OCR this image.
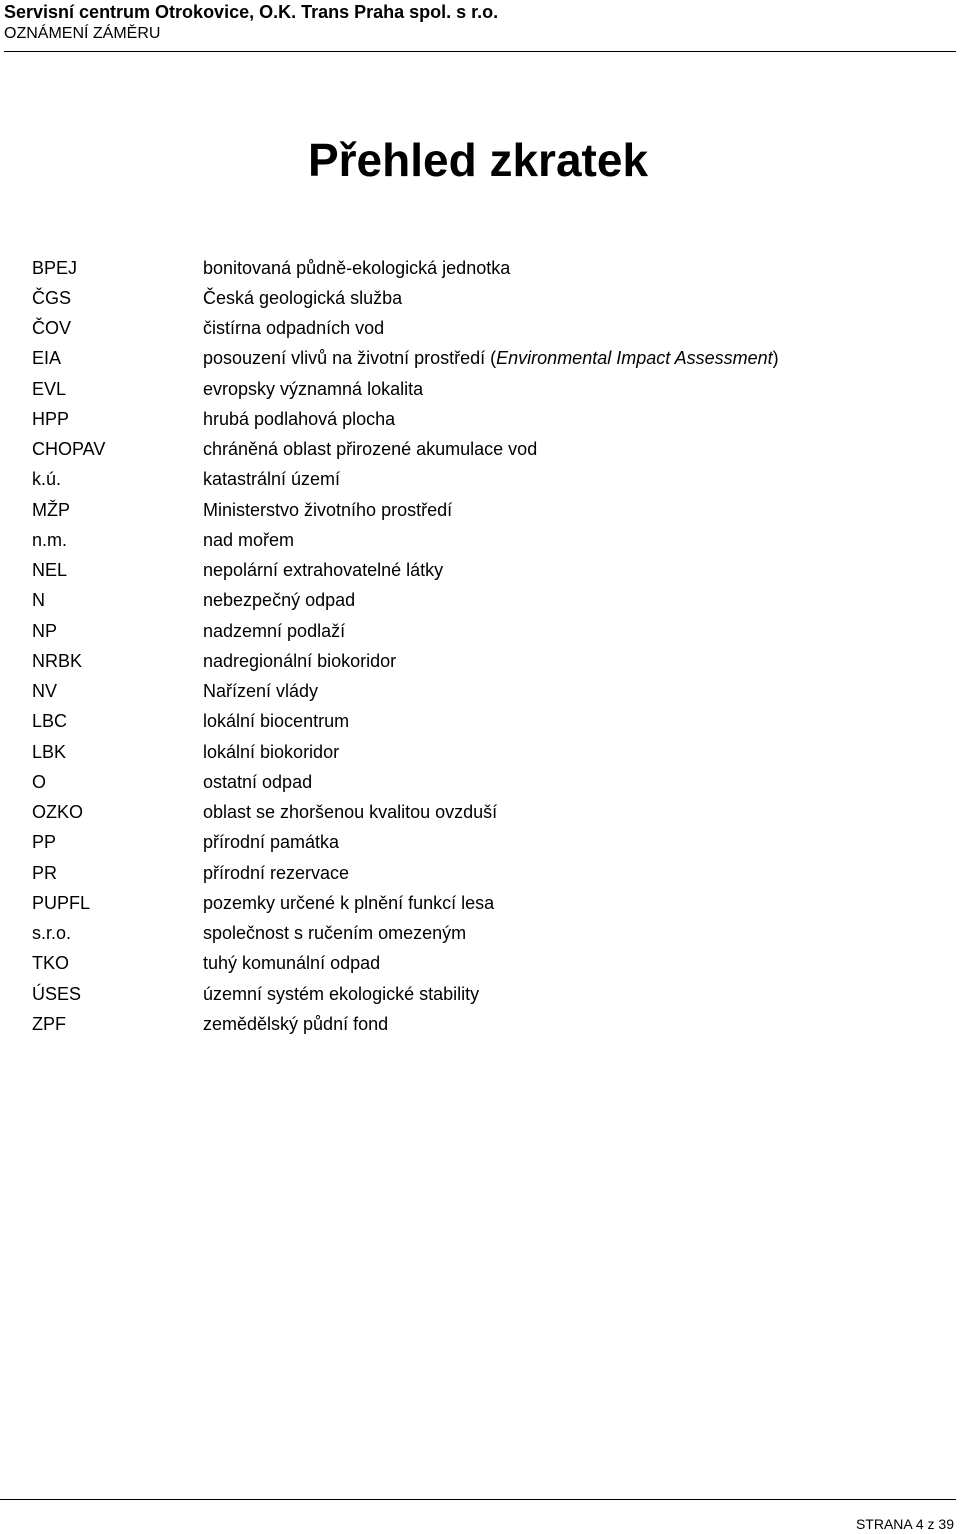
Servisní centrum Otrokovice, O.K. Trans Praha spol. s r.o.
OZNÁMENÍ ZÁMĚRU
Přehled zkratek
BPEJ	bonitovaná půdně-ekologická jednotka
ČGS	Česká geologická služba
ČOV	čistírna odpadních vod
EIA	posouzení vlivů na životní prostředí (Environmental Impact Assessment)
EVL	evropsky významná lokalita
HPP	hrubá podlahová plocha
CHOPAV	chráněná oblast přirozené akumulace vod
k.ú.	katastrální území
MŽP	Ministerstvo životního prostředí
n.m.	nad mořem
NEL	nepolární extrahovatelné látky
N	nebezpečný odpad
NP	nadzemní podlaží
NRBK	nadregionální biokoridor
NV	Nařízení vlády
LBC	lokální biocentrum
LBK	lokální biokoridor
O	ostatní odpad
OZKO	oblast se zhoršenou kvalitou ovzduší
PP	přírodní památka
PR	přírodní rezervace
PUPFL	pozemky určené k plnění funkcí lesa
s.r.o.	společnost s ručením omezeným
TKO	tuhý komunální odpad
ÚSES	územní systém ekologické stability
ZPF	zemědělský půdní fond
STRANA 4 z 39
